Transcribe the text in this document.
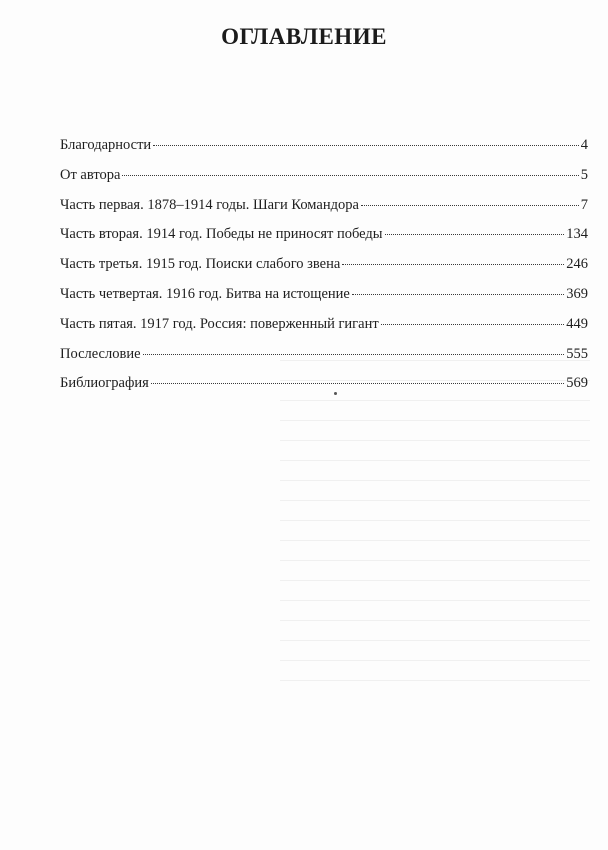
ОГЛАВЛЕНИЕ
Благодарности	4
От автора	5
Часть первая. 1878–1914 годы. Шаги Командора	7
Часть вторая. 1914 год. Победы не приносят победы	134
Часть третья. 1915 год. Поиски слабого звена	246
Часть четвертая. 1916 год. Битва на истощение	369
Часть пятая. 1917 год. Россия: поверженный гигант	449
Послесловие	555
Библиография	569
